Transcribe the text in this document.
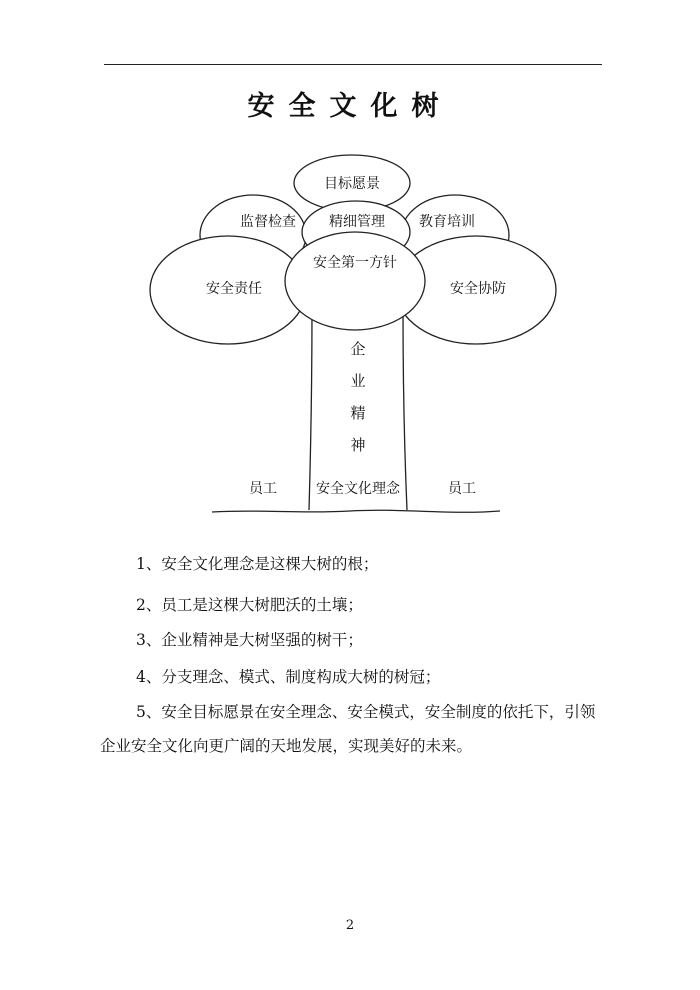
安全文化树
目标愿景
监督检查 精细管理 教育培训
安全第一方针
安全责任	安全协防
企
业
精
神
安全文化理念
员工	员工
1、安全文化理念是这棵大树的根；
2、员工是这棵大树肥沃的土壤；
3、企业精神是大树坚强的树干；
4、分支理念、模式、制度构成大树的树冠；
5、安全目标愿景在安全理念、安全模式，安全制度的依托下，引领企业安全文化向更广阔的天地发展，实现美好的未来。
2
